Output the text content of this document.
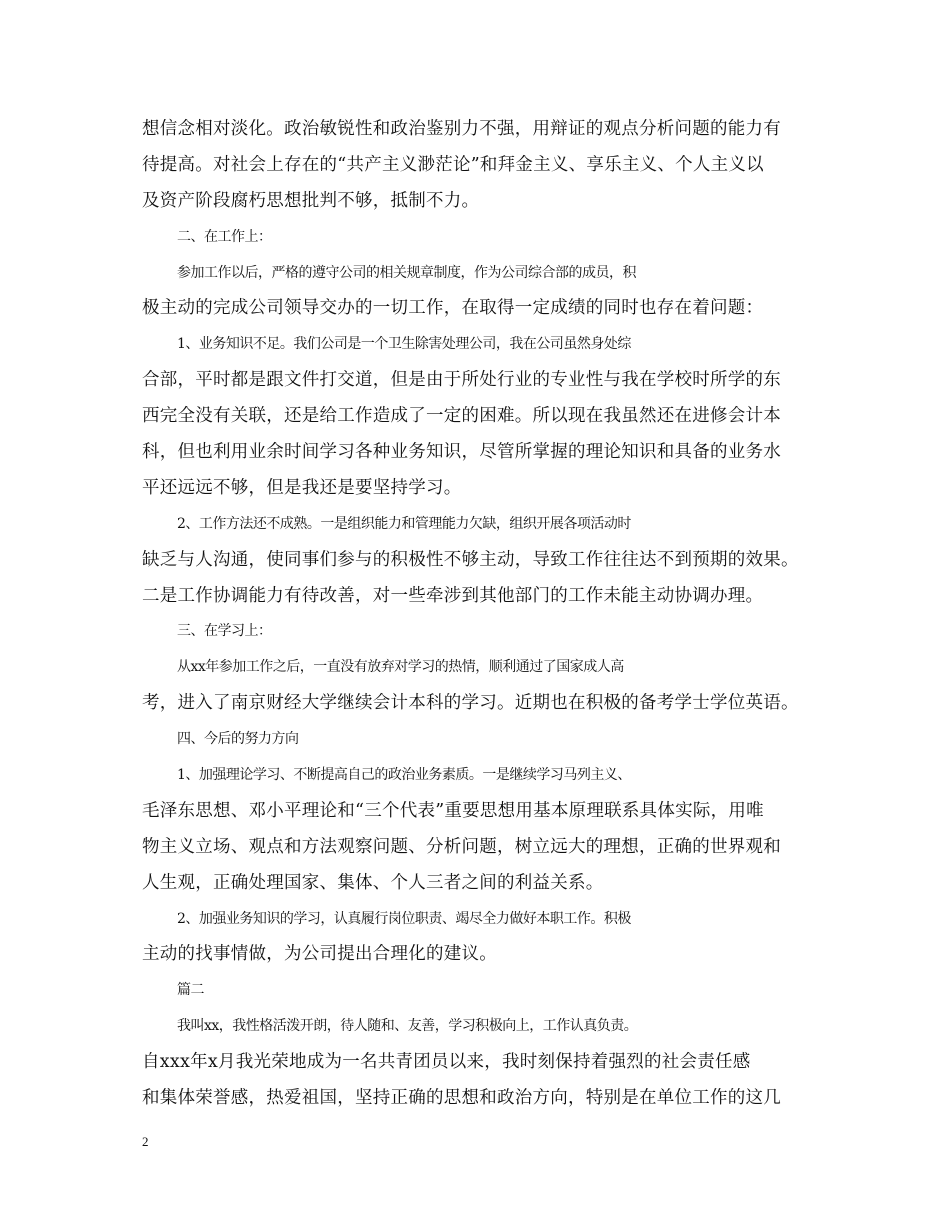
想信念相对淡化。政治敏锐性和政治鉴别力不强，用辩证的观点分析问题的能力有
待提高。对社会上存在的“共产主义渺茫论”和拜金主义、享乐主义、个人主义以
及资产阶段腐朽思想批判不够，抵制不力。
二、在工作上：
参加工作以后，严格的遵守公司的相关规章制度，作为公司综合部的成员，积
极主动的完成公司领导交办的一切工作，在取得一定成绩的同时也存在着问题：
1、业务知识不足。我们公司是一个卫生除害处理公司，我在公司虽然身处综
合部，平时都是跟文件打交道，但是由于所处行业的专业性与我在学校时所学的东
西完全没有关联，还是给工作造成了一定的困难。所以现在我虽然还在进修会计本
科，但也利用业余时间学习各种业务知识，尽管所掌握的理论知识和具备的业务水
平还远远不够，但是我还是要坚持学习。
2、工作方法还不成熟。一是组织能力和管理能力欠缺，组织开展各项活动时
缺乏与人沟通，使同事们参与的积极性不够主动，导致工作往往达不到预期的效果。
二是工作协调能力有待改善，对一些牵涉到其他部门的工作未能主动协调办理。
三、在学习上：
从xx年参加工作之后，一直没有放弃对学习的热情，顺利通过了国家成人高
考，进入了南京财经大学继续会计本科的学习。近期也在积极的备考学士学位英语。
四、今后的努力方向
1、加强理论学习、不断提高自己的政治业务素质。一是继续学习马列主义、
毛泽东思想、邓小平理论和“三个代表”重要思想用基本原理联系具体实际，用唯
物主义立场、观点和方法观察问题、分析问题，树立远大的理想，正确的世界观和
人生观，正确处理国家、集体、个人三者之间的利益关系。
2、加强业务知识的学习，认真履行岗位职责、竭尽全力做好本职工作。积极
主动的找事情做，为公司提出合理化的建议。
篇二
我叫xx，我性格活泼开朗，待人随和、友善，学习积极向上，工作认真负责。
自xxx年x月我光荣地成为一名共青团员以来，我时刻保持着强烈的社会责任感
和集体荣誉感，热爱祖国，坚持正确的思想和政治方向，特别是在单位工作的这几
2
